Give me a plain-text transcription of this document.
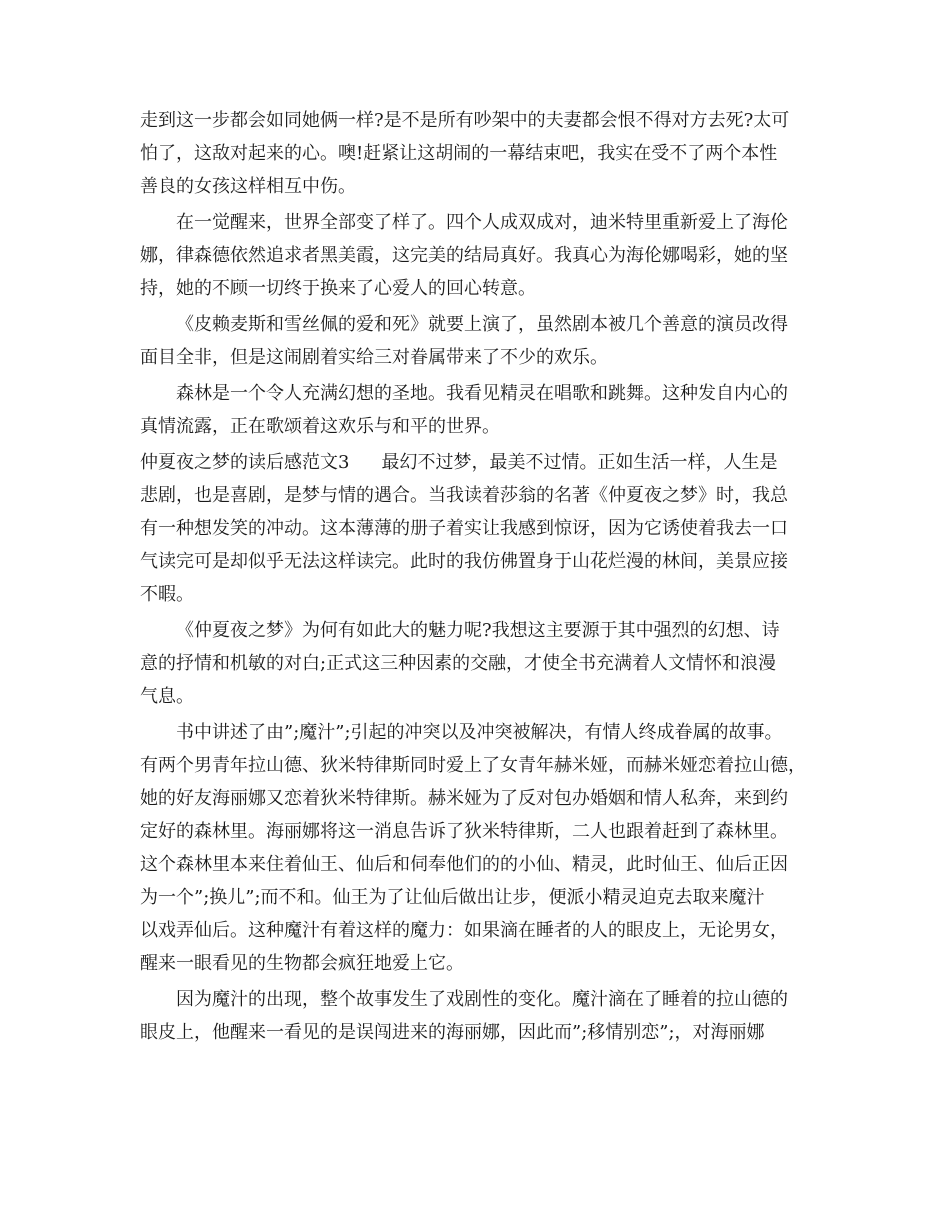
走到这一步都会如同她俩一样?是不是所有吵架中的夫妻都会恨不得对方去死?太可
怕了，这敌对起来的心。噢!赶紧让这胡闹的一幕结束吧，我实在受不了两个本性
善良的女孩这样相互中伤。
在一觉醒来，世界全部变了样了。四个人成双成对，迪米特里重新爱上了海伦
娜，律森德依然追求者黑美霞，这完美的结局真好。我真心为海伦娜喝彩，她的坚
持，她的不顾一切终于换来了心爱人的回心转意。
《皮赖麦斯和雪丝佩的爱和死》就要上演了，虽然剧本被几个善意的演员改得
面目全非，但是这闹剧着实给三对眷属带来了不少的欢乐。
森林是一个令人充满幻想的圣地。我看见精灵在唱歌和跳舞。这种发自内心的
真情流露，正在歌颂着这欢乐与和平的世界。
仲夏夜之梦的读后感范文3 最幻不过梦，最美不过情。正如生活一样，人生是
悲剧，也是喜剧，是梦与情的遇合。当我读着莎翁的名著《仲夏夜之梦》时，我总
有一种想发笑的冲动。这本薄薄的册子着实让我感到惊讶，因为它诱使着我去一口
气读完可是却似乎无法这样读完。此时的我仿佛置身于山花烂漫的林间，美景应接
不暇。
《仲夏夜之梦》为何有如此大的魅力呢?我想这主要源于其中强烈的幻想、诗
意的抒情和机敏的对白;正式这三种因素的交融，才使全书充满着人文情怀和浪漫
气息。
书中讲述了由”;魔汁”;引起的冲突以及冲突被解决，有情人终成眷属的故事。
有两个男青年拉山德、狄米特律斯同时爱上了女青年赫米娅，而赫米娅恋着拉山德，
她的好友海丽娜又恋着狄米特律斯。赫米娅为了反对包办婚姻和情人私奔，来到约
定好的森林里。海丽娜将这一消息告诉了狄米特律斯，二人也跟着赶到了森林里。
这个森林里本来住着仙王、仙后和伺奉他们的的小仙、精灵，此时仙王、仙后正因
为一个”;换儿”;而不和。仙王为了让仙后做出让步，便派小精灵迫克去取来魔汁
以戏弄仙后。这种魔汁有着这样的魔力：如果滴在睡者的人的眼皮上，无论男女，
醒来一眼看见的生物都会疯狂地爱上它。
因为魔汁的出现，整个故事发生了戏剧性的变化。魔汁滴在了睡着的拉山德的
眼皮上，他醒来一看见的是误闯进来的海丽娜，因此而”;移情别恋”;，对海丽娜
